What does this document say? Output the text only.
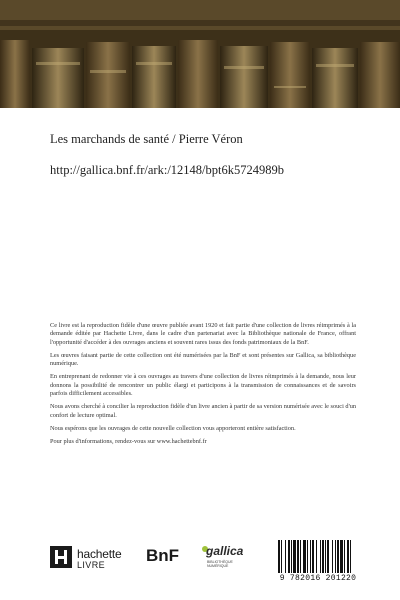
Les marchands de santé / Pierre Véron
http://gallica.bnf.fr/ark:/12148/bpt6k5724989b

Ce livre est la reproduction fidèle d'une œuvre publiée avant 1920 et fait partie d'une collection de livres réimprimés à la demande éditée par Hachette Livre, dans le cadre d'un partenariat avec la Bibliothèque nationale de France, offrant l'opportunité d'accéder à des ouvrages anciens et souvent rares issus des fonds patrimoniaux de la BnF.

Les œuvres faisant partie de cette collection ont été numérisées par la BnF et sont présentes sur Gallica, sa bibliothèque numérique.

En entreprenant de redonner vie à ces ouvrages au travers d'une collection de livres réimprimés à la demande, nous leur donnons la possibilité de rencontrer un public élargi et participons à la transmission de connaissances et de savoirs parfois difficilement accessibles.

Nous avons cherché à concilier la reproduction fidèle d'un livre ancien à partir de sa version numérisée avec le souci d'un confort de lecture optimal.

Nous espérons que les ouvrages de cette nouvelle collection vous apporteront entière satisfaction.

Pour plus d'informations, rendez-vous sur www.hachettebnf.fr

hachette
LIVRE BnF gallica
BIBLIOTHÈQUE NUMÉRIQUE
9 782016 201220
